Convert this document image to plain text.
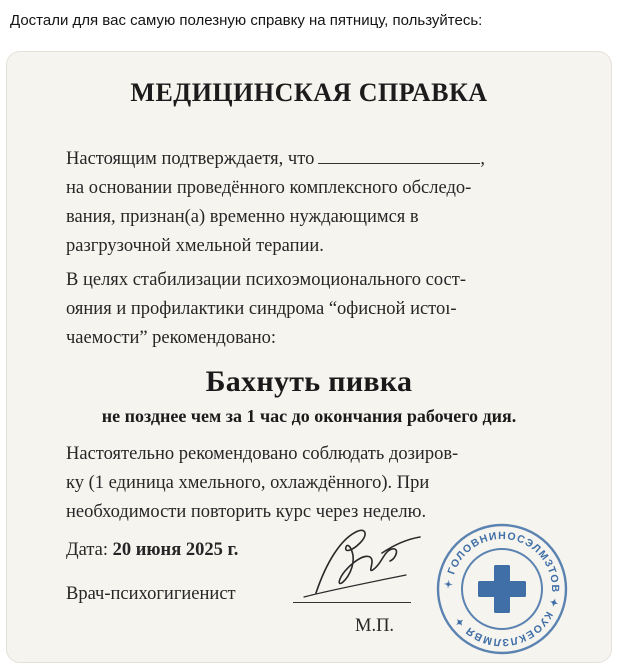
Достали для вас самую полезную справку на пятницу, пользуйтесь:
МЕДИЦИНСКАЯ СПРАВКА
Настоящим подтверждаетя, что	,
на основании проведённого комплексного обследо-
вания, признан(а) временно нуждающимся в
разгрузочной хмельной терапии.
В целях стабилизации психоэмоционального сост-
ояния и профилактики синдрома “офисной истоı-
чаемости” рекомендовано:
Бахнуть пивка
не позднее чем за 1 час до окончания рабочего дия.
Настоятельно рекомендовано соблюдать дозиров-
ку (1 единица хмельного, охлаждённого). При
необходимости повторить курс через неделю.
Дата: 20 июня 2025 г.
Врач-психогигиенист
М.П.
✦ ГОЛОВНИНОСЭЛМЗТОВ ✦ КУОЕКЛЗЛМВЯ ✦
